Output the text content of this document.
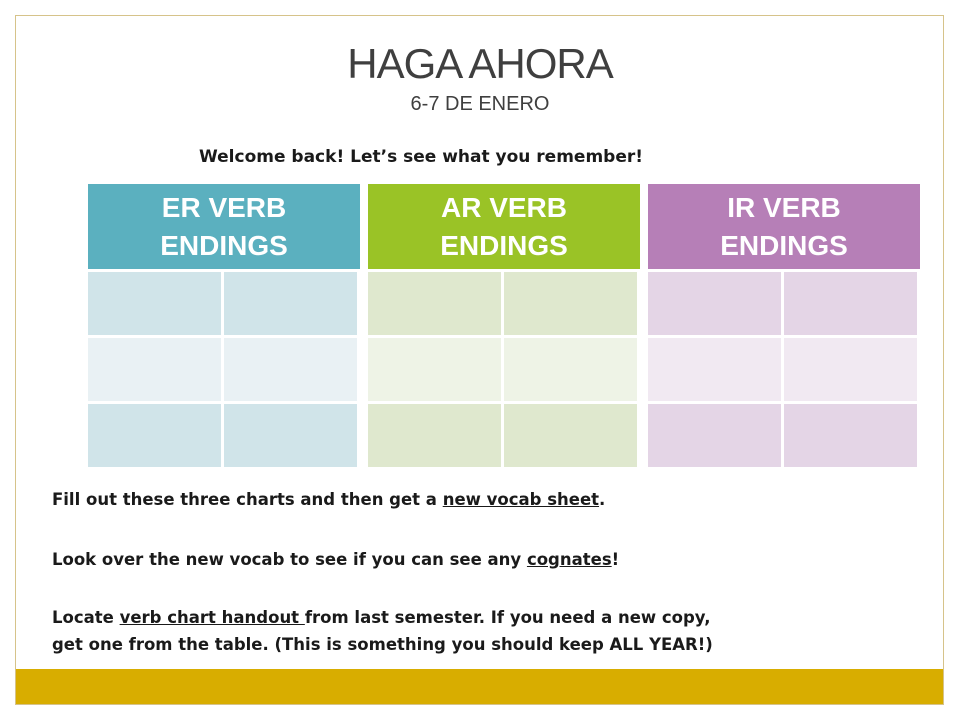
HAGA AHORA
6-7 DE ENERO
Welcome back! Let’s see what you remember!
ER VERB ENDINGS
AR VERB ENDINGS
IR VERB ENDINGS
Fill out these three charts and then get a new vocab sheet.
Look over the new vocab to see if you can see any cognates!
Locate verb chart handout from last semester. If you need a new copy,
get one from the table. (This is something you should keep ALL YEAR!)
